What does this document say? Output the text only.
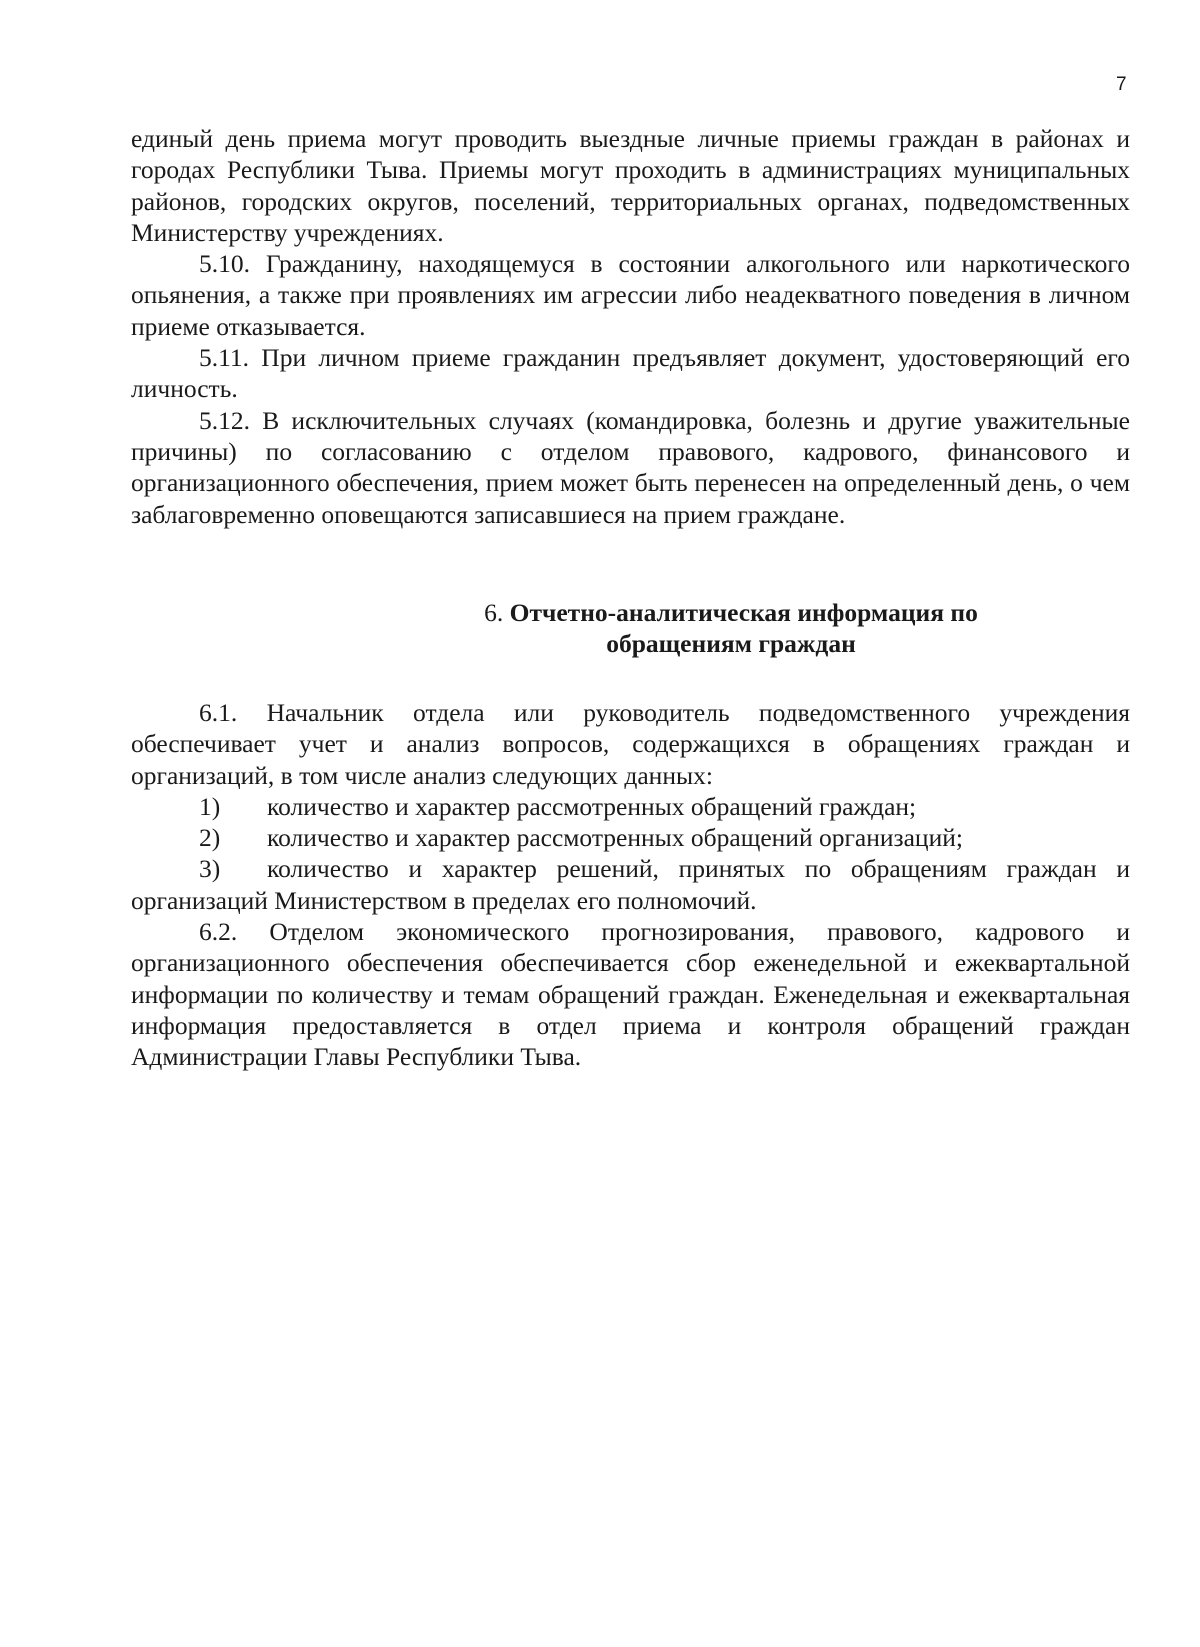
7

единый день приема могут проводить выездные личные приемы граждан в районах и городах Республики Тыва. Приемы могут проходить в администрациях муниципальных районов, городских округов, поселений, территориальных органах, подведомственных Министерству учреждениях.

5.10. Гражданину, находящемуся в состоянии алкогольного или наркотического опьянения, а также при проявлениях им агрессии либо неадекватного поведения в личном приеме отказывается.

5.11. При личном приеме гражданин предъявляет документ, удостоверяющий его личность.

5.12. В исключительных случаях (командировка, болезнь и другие уважительные причины) по согласованию с отделом правового, кадрового, финансового и организационного обеспечения, прием может быть перенесен на определенный день, о чем заблаговременно оповещаются записавшиеся на прием граждане.

6. Отчетно-аналитическая информация по
обращениям граждан

6.1. Начальник отдела или руководитель подведомственного учреждения обеспечивает учет и анализ вопросов, содержащихся в обращениях граждан и организаций, в том числе анализ следующих данных:

1) количество и характер рассмотренных обращений граждан;

2) количество и характер рассмотренных обращений организаций;

3) количество и характер решений, принятых по обращениям граждан и организаций Министерством в пределах его полномочий.

6.2. Отделом экономического прогнозирования, правового, кадрового и организационного обеспечения обеспечивается сбор еженедельной и ежеквартальной информации по количеству и темам обращений граждан. Еженедельная и ежеквартальная информация предоставляется в отдел приема и контроля обращений граждан Администрации Главы Республики Тыва.
